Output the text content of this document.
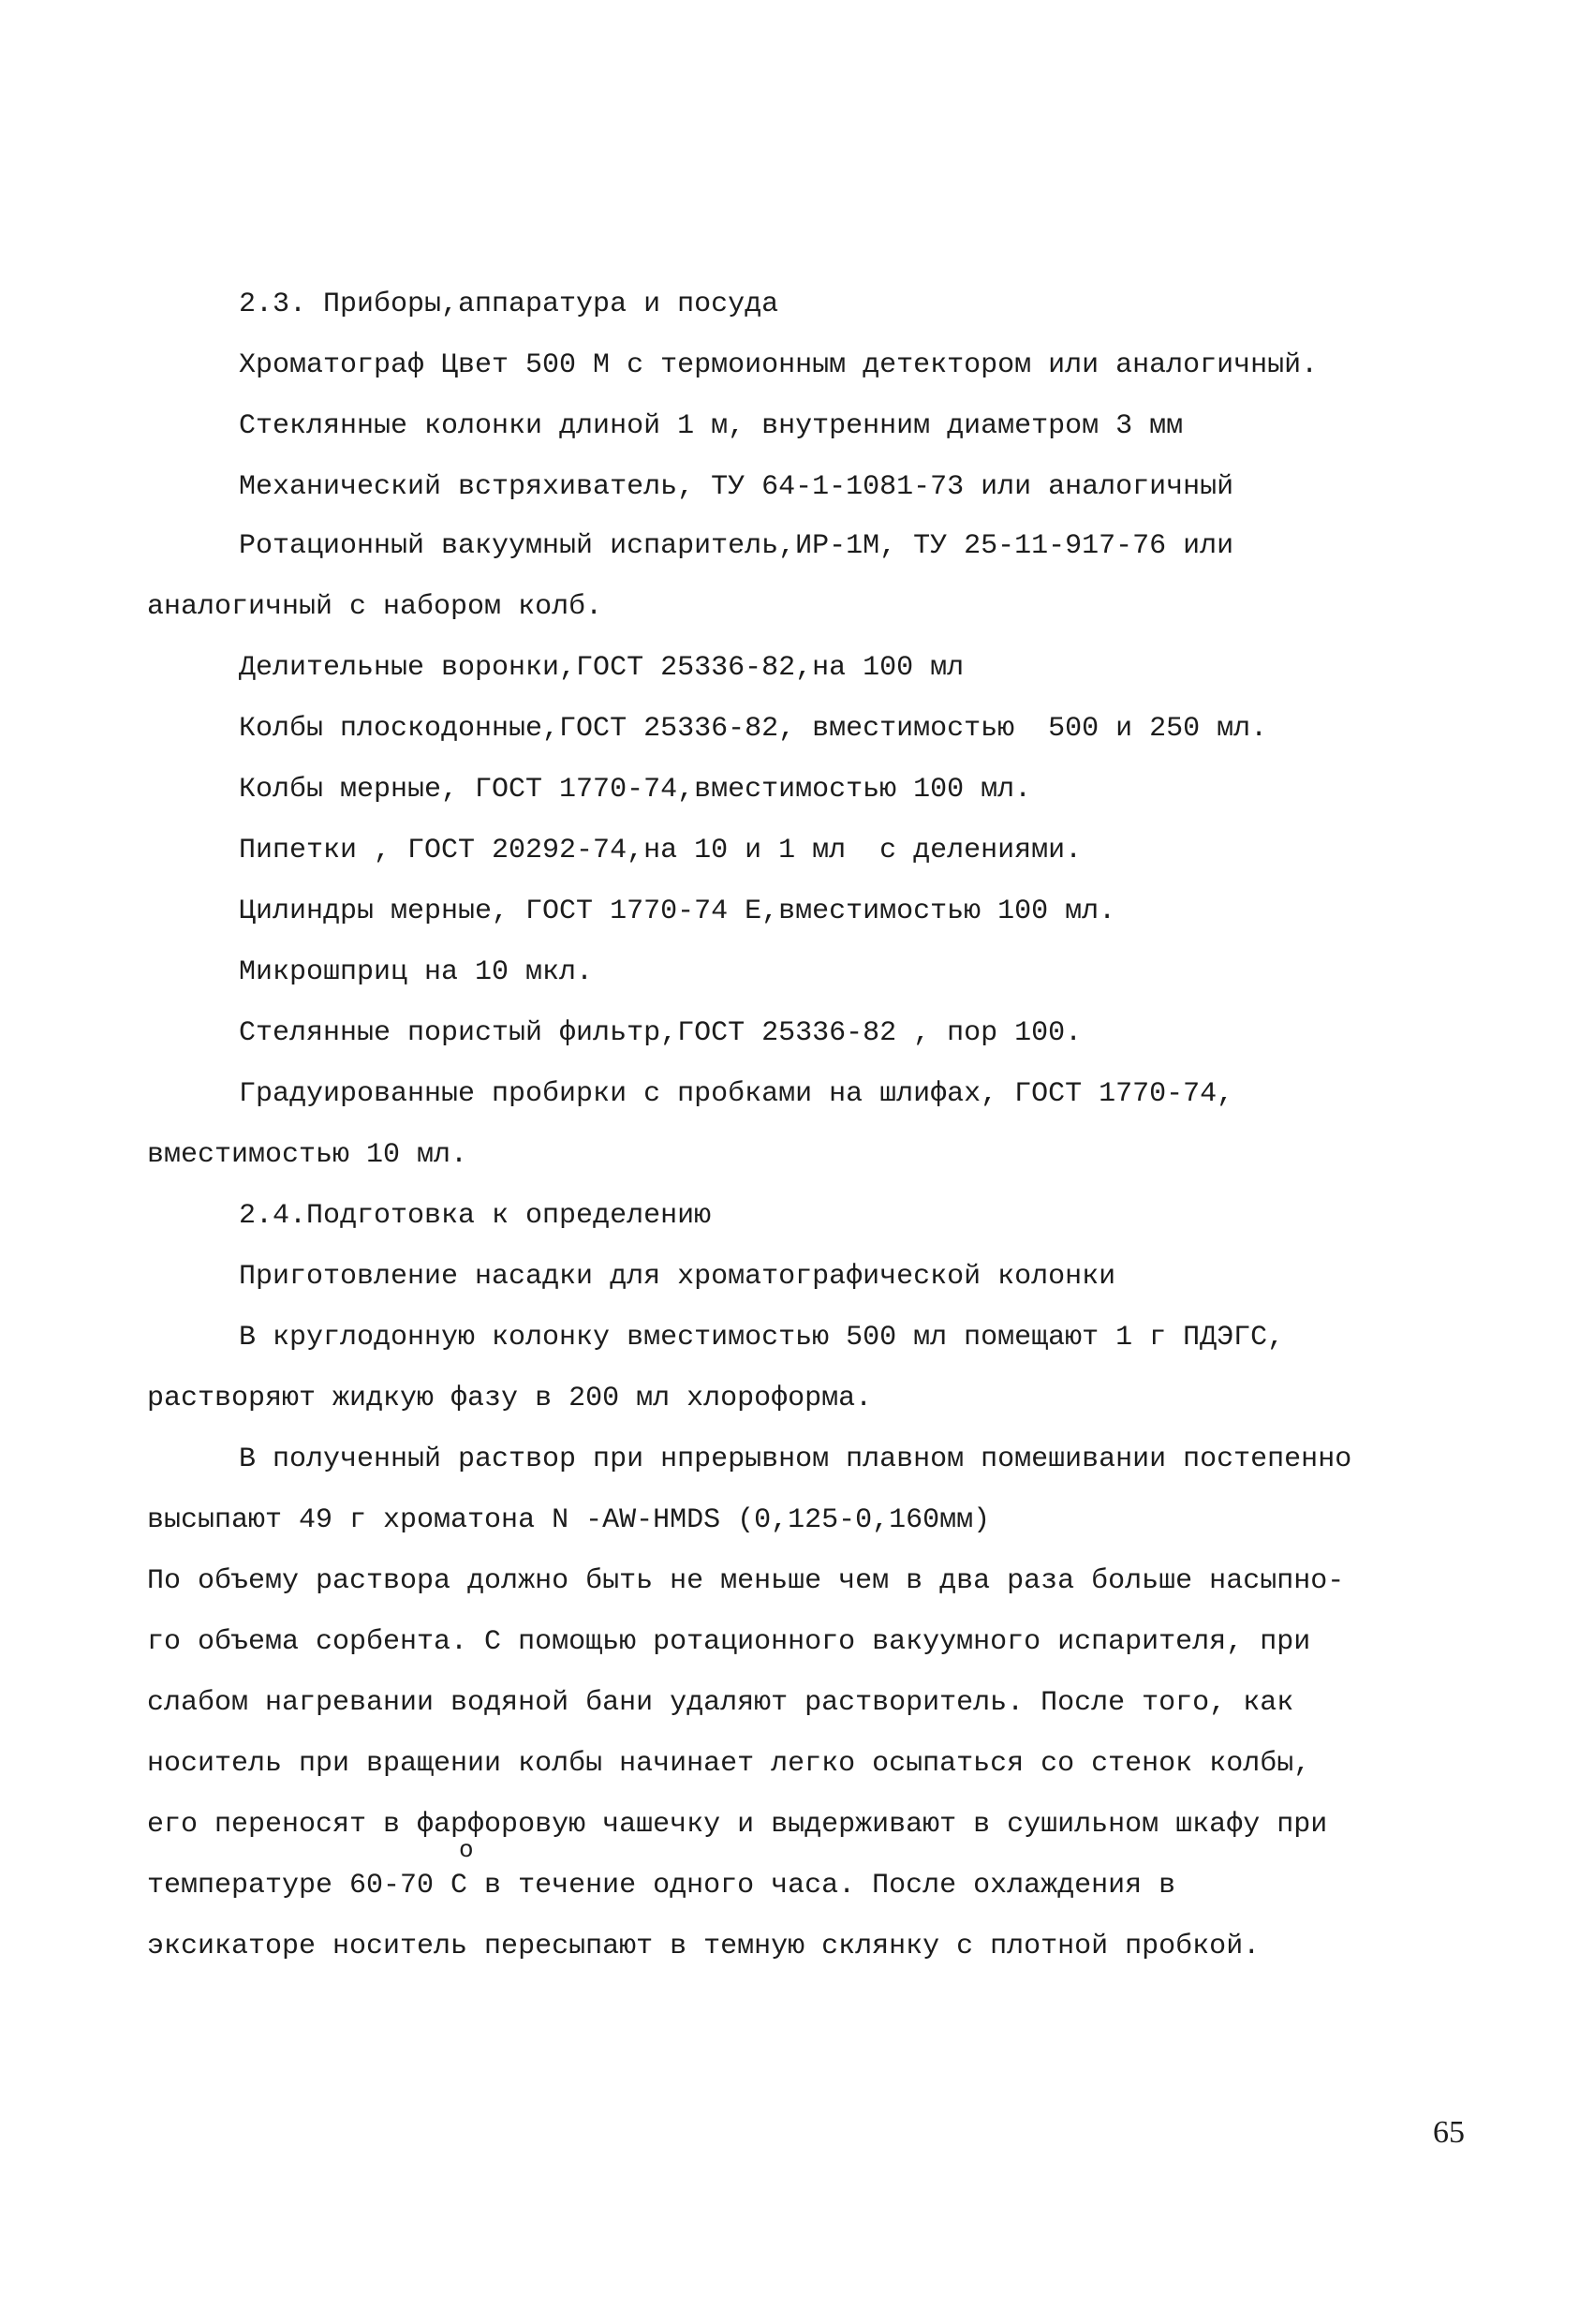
2.3. Приборы,аппаратура и посуда
Хроматограф Цвет 500 М с термоионным детектором или аналогичный.
Стеклянные колонки длиной 1 м, внутренним диаметром 3 мм
Механический встряхиватель, ТУ 64-1-1081-73 или аналогичный
Ротационный вакуумный испаритель,ИР-1М, ТУ 25-11-917-76 или
аналогичный с набором колб.
Делительные воронки,ГОСТ 25336-82,на 100 мл
Колбы плоскодонные,ГОСТ 25336-82, вместимостью  500 и 250 мл.
Колбы мерные, ГОСТ 1770-74,вместимостью 100 мл.
Пипетки , ГОСТ 20292-74,на 10 и 1 мл  с делениями.
Цилиндры мерные, ГОСТ 1770-74 Е,вместимостью 100 мл.
Микрошприц на 10 мкл.
Стелянные пористый фильтр,ГОСТ 25336-82 , пор 100.
Градуированные пробирки с пробками на шлифах, ГОСТ 1770-74,
вместимостью 10 мл.
2.4.Подготовка к определению
Приготовление насадки для хроматографической колонки
В круглодонную колонку вместимостью 500 мл помещают 1 г ПДЭГС,
растворяют жидкую фазу в 200 мл хлороформа.
В полученный раствор при нпрерывном плавном помешивании постепенно
высыпают 49 г хроматона N -AW-HMDS (0,125-0,160мм)
По объему раствора должно быть не меньше чем в два раза больше насыпно-
го объема сорбента. С помощью ротационного вакуумного испарителя, при
слабом нагревании водяной бани удаляют растворитель. После того, как
носитель при вращении колбы начинает легко осыпаться со стенок колбы,
его переносят в фарфоровую чашечку и выдерживают в сушильном шкафу при
о
температуре 60-70 С в течение одного часа. После охлаждения в
эксикаторе носитель пересыпают в темную склянку с плотной пробкой.
65
